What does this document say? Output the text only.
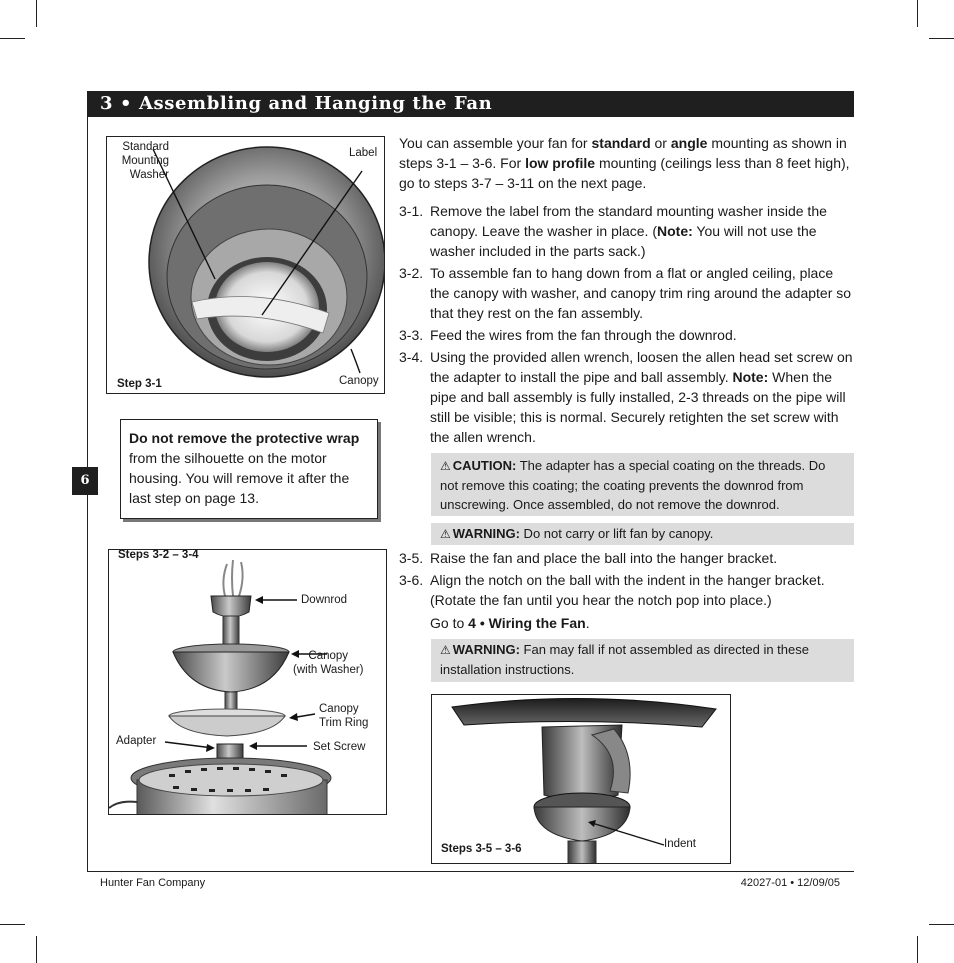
3 • Assembling and Hanging the Fan
6
Standard
Mounting
Washer
Label
Canopy
Step 3-1
Do not remove the protective wrap from the silhouette on the motor housing. You will remove it after the last step on page 13.
Steps 3-2 – 3-4
Downrod
Canopy
(with Washer)
Canopy
Trim Ring
Adapter	Set Screw
You can assemble your fan for standard or angle mounting as shown in steps 3-1 – 3-6. For low profile mounting (ceilings less than 8 feet high), go to steps 3-7 – 3-11 on the next page.
3-1. Remove the label from the standard mounting washer inside the canopy. Leave the washer in place. (Note: You will not use the washer included in the parts sack.)
3-2. To assemble fan to hang down from a flat or angled ceiling, place the canopy with washer, and canopy trim ring around the adapter so that they rest on the fan assembly.
3-3. Feed the wires from the fan through the downrod.
3-4. Using the provided allen wrench, loosen the allen head set screw on the adapter to install the pipe and ball assembly. Note: When the pipe and ball assembly is fully installed, 2-3 threads on the pipe will still be visible; this is normal. Securely retighten the set screw with the allen wrench.
⚠ CAUTION: The adapter has a special coating on the threads. Do not remove this coating; the coating prevents the downrod from unscrewing. Once assembled, do not remove the downrod.
⚠ WARNING: Do not carry or lift fan by canopy.
3-5. Raise the fan and place the ball into the hanger bracket.
3-6. Align the notch on the ball with the indent in the hanger bracket. (Rotate the fan until you hear the notch pop into place.)
Go to 4 • Wiring the Fan.
⚠ WARNING: Fan may fall if not assembled as directed in these installation instructions.
Steps 3-5 – 3-6	Indent
Hunter Fan Company	42027-01 • 12/09/05
